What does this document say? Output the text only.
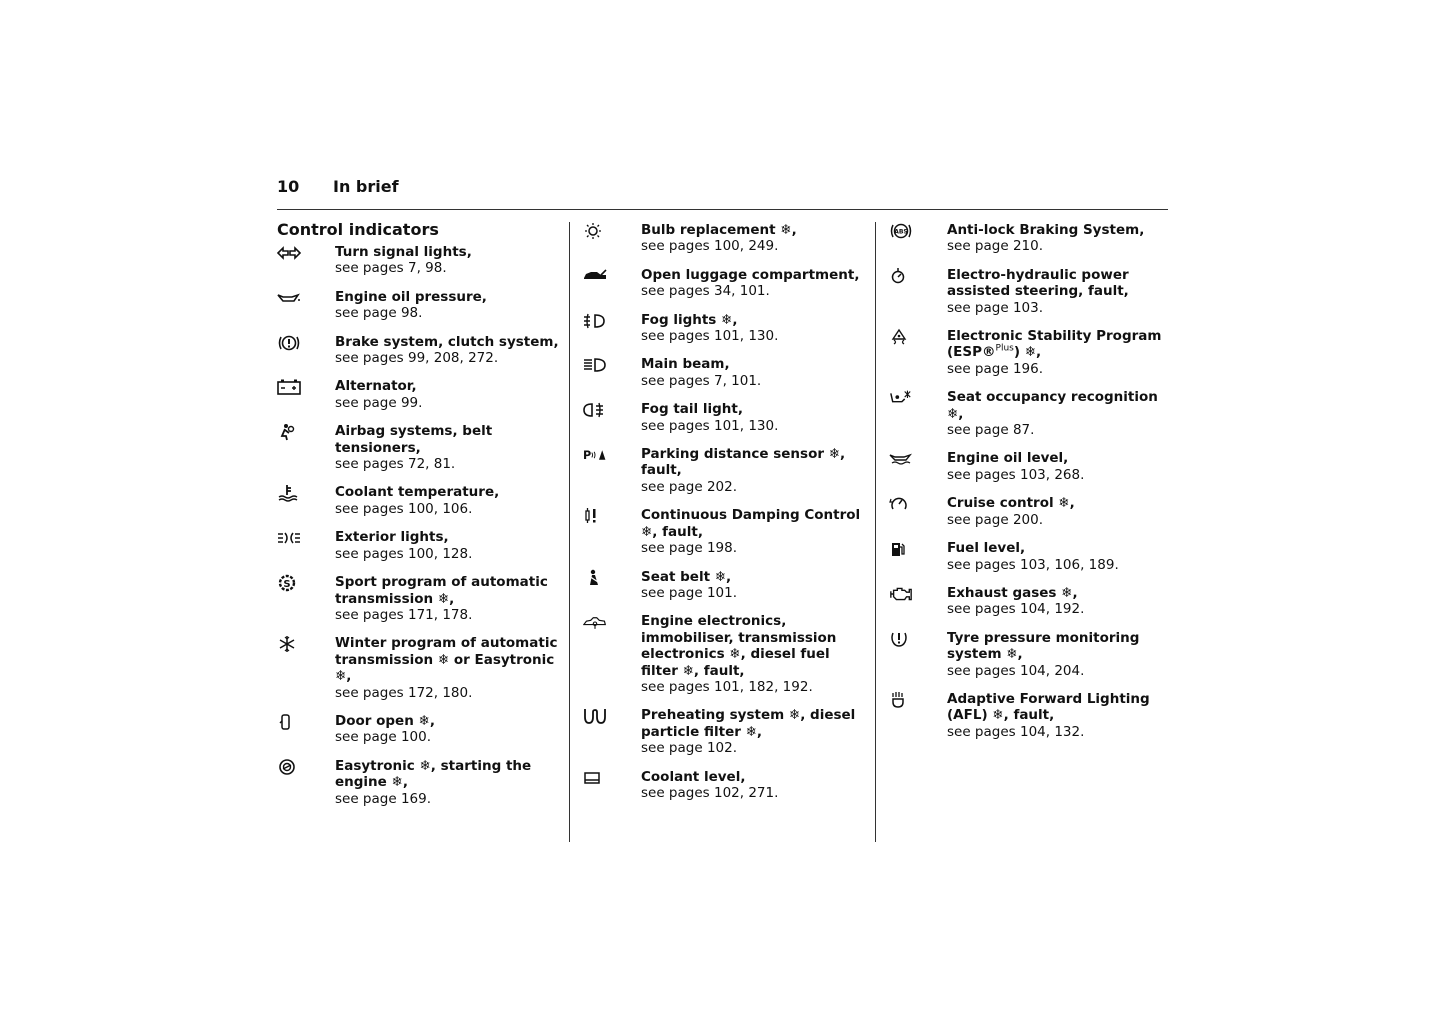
10 In brief
Control indicators
Turn signal lights,
see pages 7, 98.
Engine oil pressure,
see page 98.
Brake system, clutch system,
see pages 99, 208, 272.
Alternator,
see page 99.
Airbag systems, belt tensioners,
see pages 72, 81.
Coolant temperature,
see pages 100, 106.
Exterior lights,
see pages 100, 128.
S	Sport program of automatic transmission ❄,
see pages 171, 178.
Winter program of automatic transmission ❄ or Easytronic ❄,
see pages 172, 180.
Door open ❄,
see page 100.
Easytronic ❄, starting the engine ❄,
see page 169.
Bulb replacement ❄,
see pages 100, 249.
Open luggage compartment,
see pages 34, 101.
Fog lights ❄,
see pages 101, 130.
Main beam,
see pages 7, 101.
Fog tail light,
see pages 101, 130.
P	Parking distance sensor ❄, fault,
see page 202.
Continuous Damping Control ❄, fault,
see page 198.
Seat belt ❄,
see page 101.
Engine electronics, immobiliser, transmission electronics ❄, diesel fuel filter ❄, fault,
see pages 101, 182, 192.
Preheating system ❄, diesel particle filter ❄,
see page 102.
Coolant level,
see pages 102, 271.
ABS	Anti-lock Braking System,
see page 210.
Electro-hydraulic power assisted steering, fault,
see page 103.
Electronic Stability Program (ESP®$^{Plus}$) ❄,
see page 196.
Seat occupancy recognition ❄,
see page 87.
Engine oil level,
see pages 103, 268.
Cruise control ❄,
see page 200.
Fuel level,
see pages 103, 106, 189.
Exhaust gases ❄,
see pages 104, 192.
Tyre pressure monitoring system ❄,
see pages 104, 204.
Adaptive Forward Lighting (AFL) ❄, fault,
see pages 104, 132.
